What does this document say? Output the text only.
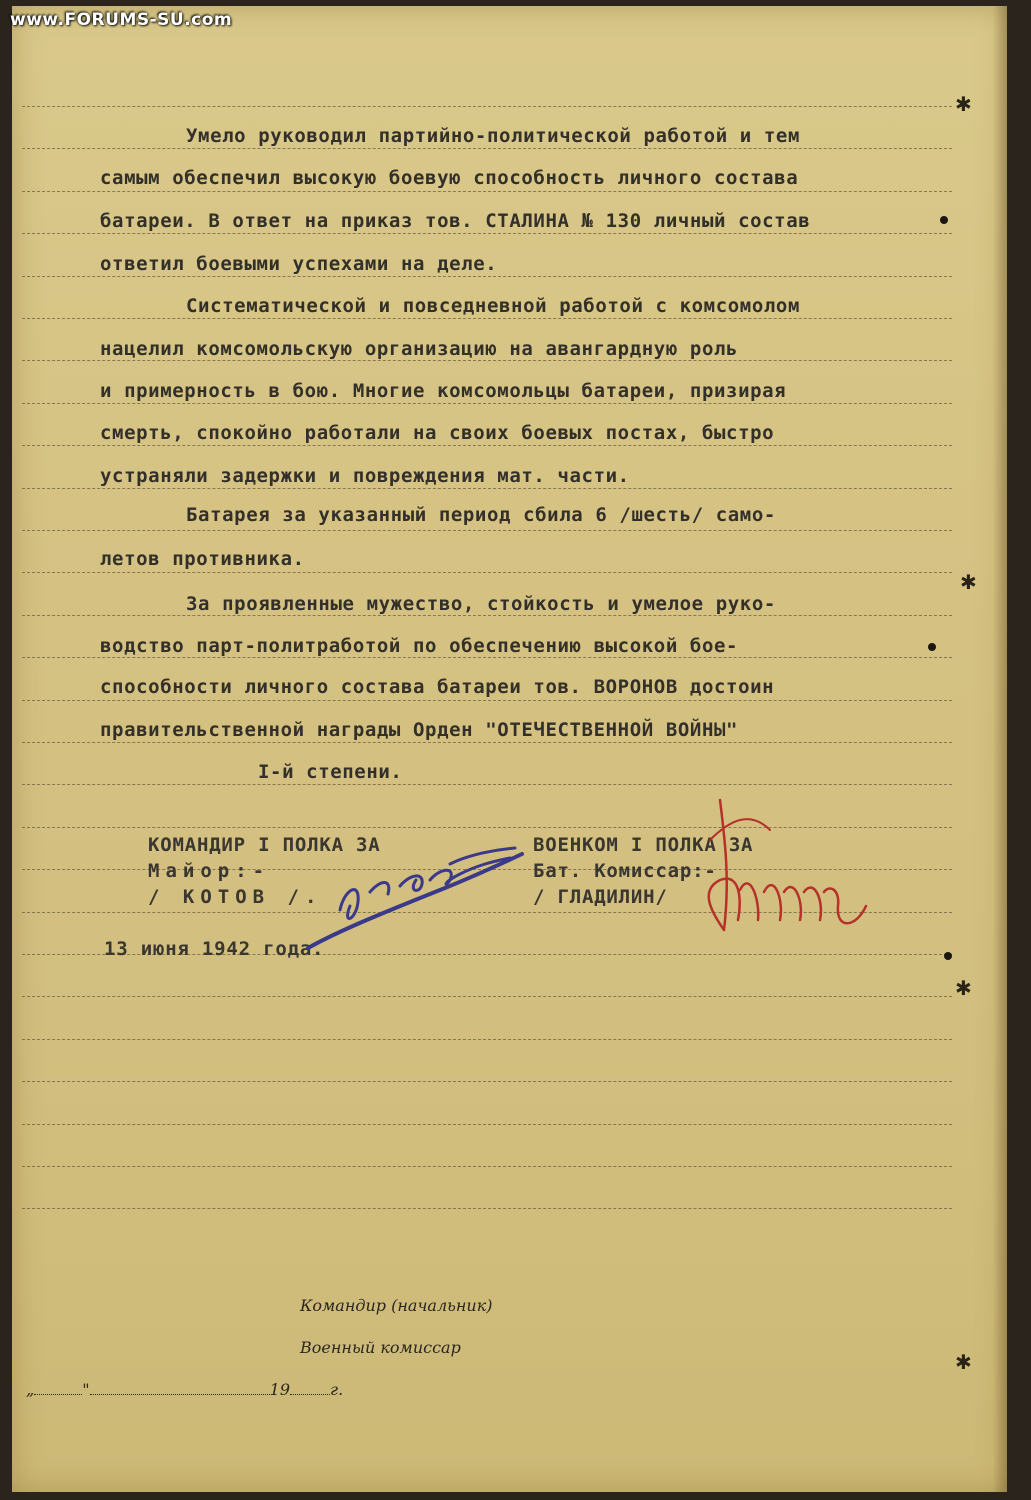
www.FORUMS-SU.com
Умело руководил партийно-политической работой и тем
самым обеспечил высокую боевую способность личного состава
батареи. В ответ на приказ тов. СТАЛИНА № 130 личный состав
ответил боевыми успехами на деле.
Систематической и повседневной работой с комсомолом
нацелил комсомольскую организацию на авангардную роль
и примерность в бою. Многие комсомольцы батареи, призирая
смерть, спокойно работали на своих боевых постах, быстро
устраняли задержки и повреждения мат. части.
Батарея за указанный период сбила 6 /шесть/ само-
летов противника.
За проявленные мужество, стойкость и умелое руко-
водство парт-политработой по обеспечению высокой бое-
способности личного состава батареи тов. ВОРОНОВ достоин
правительственной награды Орден "ОТЕЧЕСТВЕННОЙ ВОЙНЫ"
I-й степени.
КОМАНДИР I ПОЛКА ЗА
Майор:-
/ КОТОВ /.
ВОЕНКОМ I ПОЛКА ЗА
Бат. Комиссар:-
/ ГЛАДИЛИН/
13 июня 1942 года.
Командир (начальник)
Военный комиссар
„	"	19	г.
✱
✱
✱
✱
